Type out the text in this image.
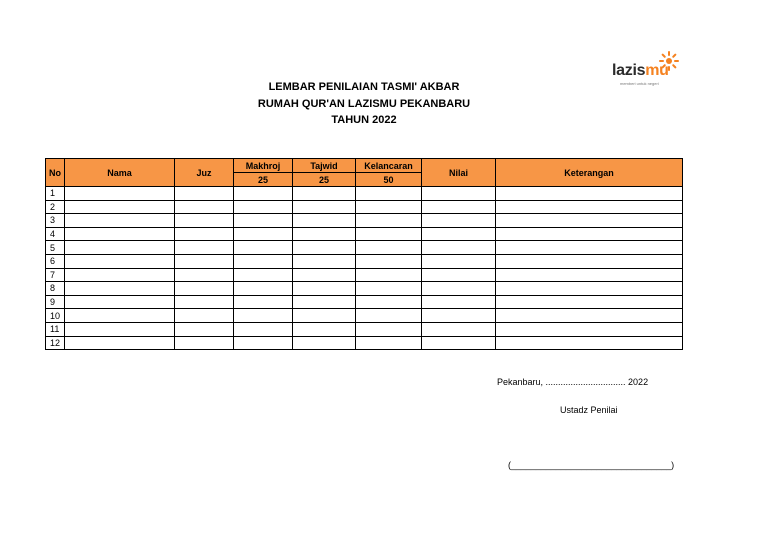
lazismu
memberi untuk negeri
LEMBAR PENILAIAN TASMI' AKBAR
RUMAH QUR'AN LAZISMU PEKANBARU
TAHUN 2022
No	Nama	Juz	Makhroj	Tajwid	Kelancaran	Nilai	Keterangan
			25	25	50		
1							
2							
3							
4							
5							
6							
7							
8							
9							
10							
11							
12							
Pekanbaru, ................................ 2022
Ustadz Penilai
(________________________________)
